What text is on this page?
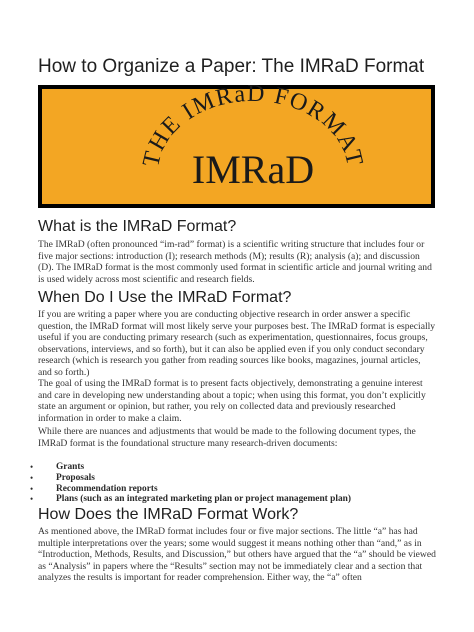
How to Organize a Paper: The IMRaD Format
THE IMRaD FORMAT
IMRaD
What is the IMRaD Format?

The IMRaD (often pronounced “im-rad” format) is a scientific writing structure that includes four or five major sections: introduction (I); research methods (M); results (R); analysis (a); and discussion (D). The IMRaD format is the most commonly used format in scientific article and journal writing and is used widely across most scientific and research fields.

When Do I Use the IMRaD Format?

If you are writing a paper where you are conducting objective research in order answer a specific question, the IMRaD format will most likely serve your purposes best. The IMRaD format is especially useful if you are conducting primary research (such as experimentation, questionnaires, focus groups, observations, interviews, and so forth), but it can also be applied even if you only conduct secondary research (which is research you gather from reading sources like books, magazines, journal articles, and so forth.)

The goal of using the IMRaD format is to present facts objectively, demonstrating a genuine interest and care in developing new understanding about a topic; when using this format, you don’t explicitly state an argument or opinion, but rather, you rely on collected data and previously researched information in order to make a claim.

While there are nuances and adjustments that would be made to the following document types, the IMRaD format is the foundational structure many research-driven documents:

• Grants
• Proposals
• Recommendation reports
• Plans (such as an integrated marketing plan or project management plan)
How Does the IMRaD Format Work?

As mentioned above, the IMRaD format includes four or five major sections. The little “a” has had multiple interpretations over the years; some would suggest it means nothing other than “and,” as in “Introduction, Methods, Results, and Discussion,” but others have argued that the “a” should be viewed as “Analysis” in papers where the “Results” section may not be immediately clear and a section that analyzes the results is important for reader comprehension. Either way, the “a” often
